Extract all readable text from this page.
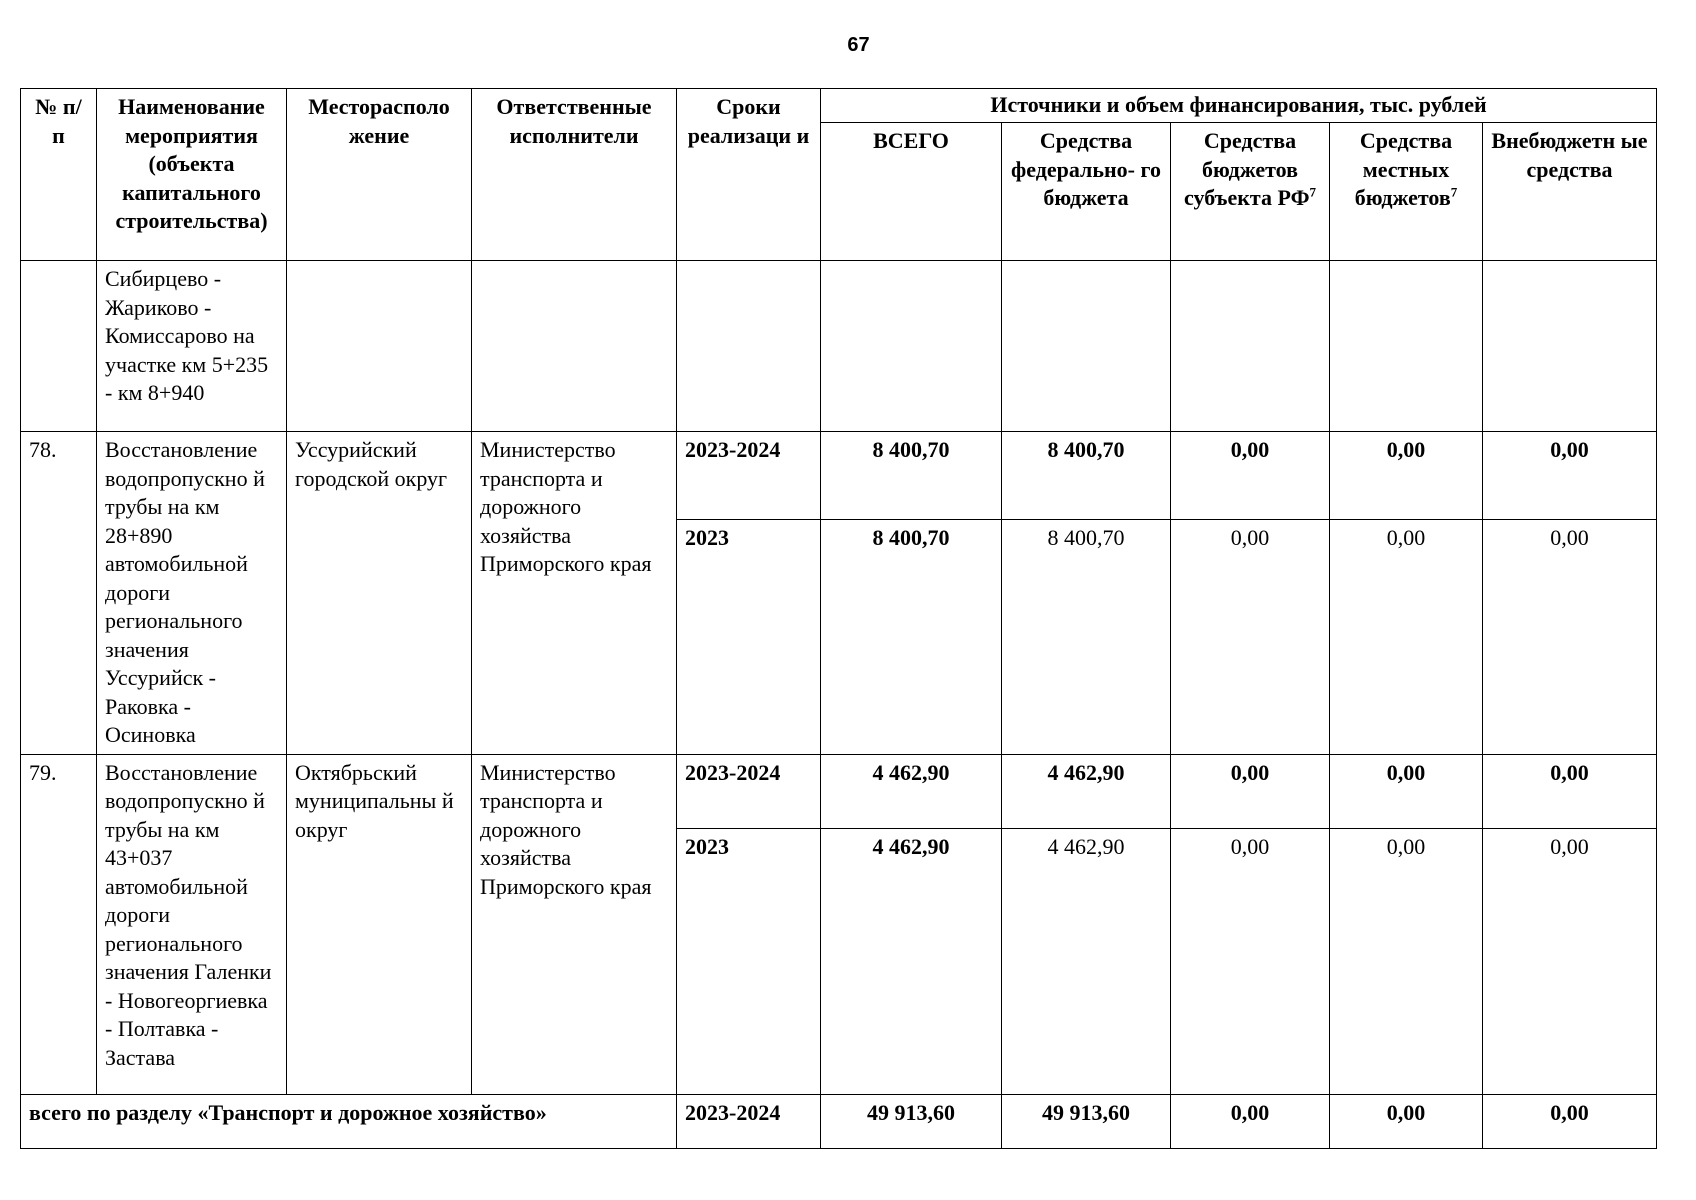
67
№ п/п	Наименование мероприятия (объекта капитального строительства)	Месторасполо жение	Ответственные исполнители	Сроки реализаци и	Источники и объем финансирования, тыс. рублей				
					ВСЕГО	Средства федерально- го бюджета	Средства бюджетов субъекта $РФ^7$	Средства местных бюджетов$^7$	Внебюджетн ые средства
	Сибирцево - Жариково - Комиссарово на участке км 5+235 - км 8+940								
78.	Восстановление водопропускно й трубы на км 28+890 автомобильной дороги регионального значения Уссурийск - Раковка - Осиновка	Уссурийский городской округ	Министерство транспорта и дорожного хозяйства Приморского края	2023-2024	8 400,70	8 400,70	0,00	0,00	0,00
				2023	8 400,70	8 400,70	0,00	0,00	0,00
79.	Восстановление водопропускно й трубы на км 43+037 автомобильной дороги регионального значения Галенки - Новогеоргиевка - Полтавка - Застава	Октябрьский муниципальны й округ	Министерство транспорта и дорожного хозяйства Приморского края	2023-2024	4 462,90	4 462,90	0,00	0,00	0,00
				2023	4 462,90	4 462,90	0,00	0,00	0,00
всего по разделу «Транспорт и дорожное хозяйство»				2023-2024	49 913,60	49 913,60	0,00	0,00	0,00
